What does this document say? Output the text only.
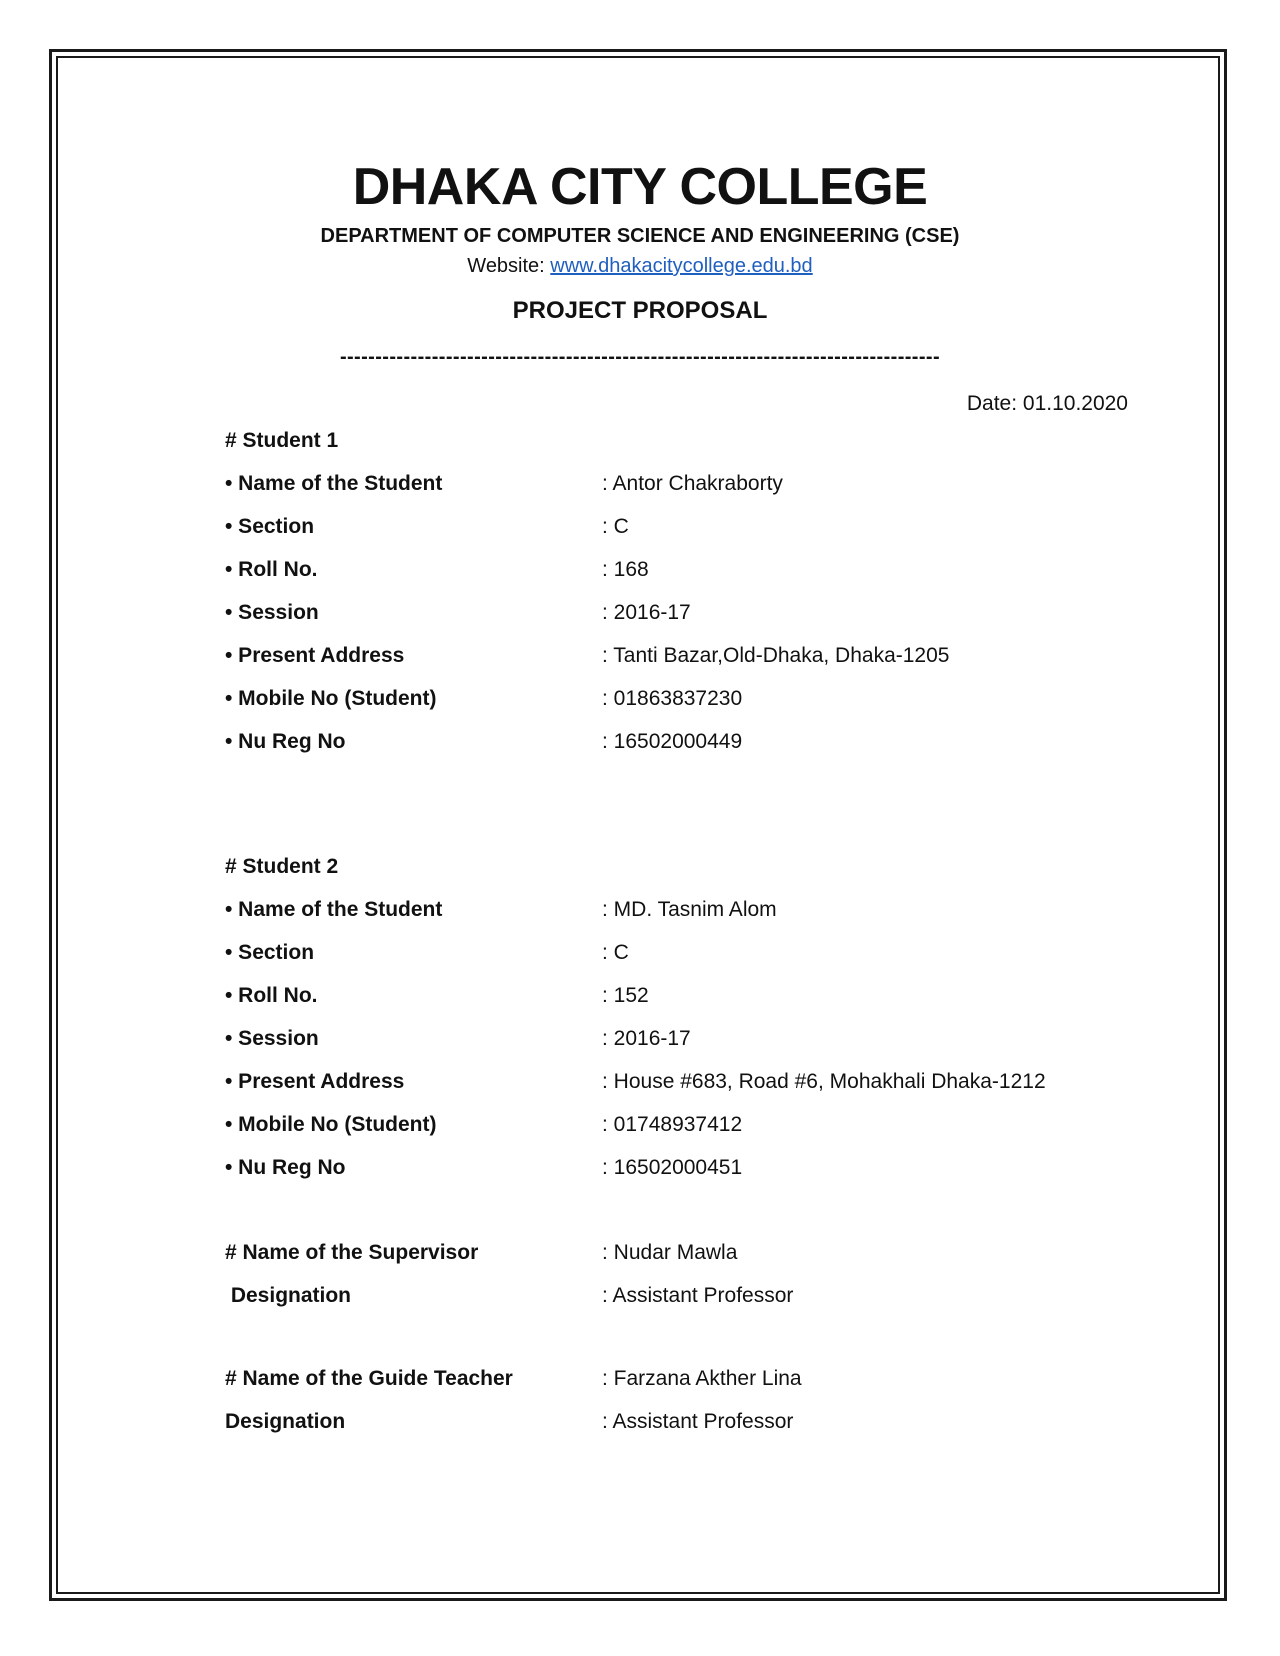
DHAKA CITY COLLEGE
DEPARTMENT OF COMPUTER SCIENCE AND ENGINEERING (CSE)
Website: www.dhakacitycollege.edu.bd
PROJECT PROPOSAL
-------------------------------------------------------------------------------------
Date: 01.10.2020
# Student 1
• Name of the Student	: Antor Chakraborty
• Section	: C
• Roll No.	: 168
• Session	: 2016-17
• Present Address	: Tanti Bazar,Old-Dhaka, Dhaka-1205
• Mobile No (Student)	: 01863837230
• Nu Reg No	: 16502000449
# Student 2
• Name of the Student	: MD. Tasnim Alom
• Section	: C
• Roll No.	: 152
• Session	: 2016-17
• Present Address	: House #683, Road #6, Mohakhali Dhaka-1212
• Mobile No (Student)	: 01748937412
• Nu Reg No	: 16502000451
# Name of the Supervisor	: Nudar Mawla
Designation	: Assistant Professor
# Name of the Guide Teacher	: Farzana Akther Lina
Designation	: Assistant Professor
